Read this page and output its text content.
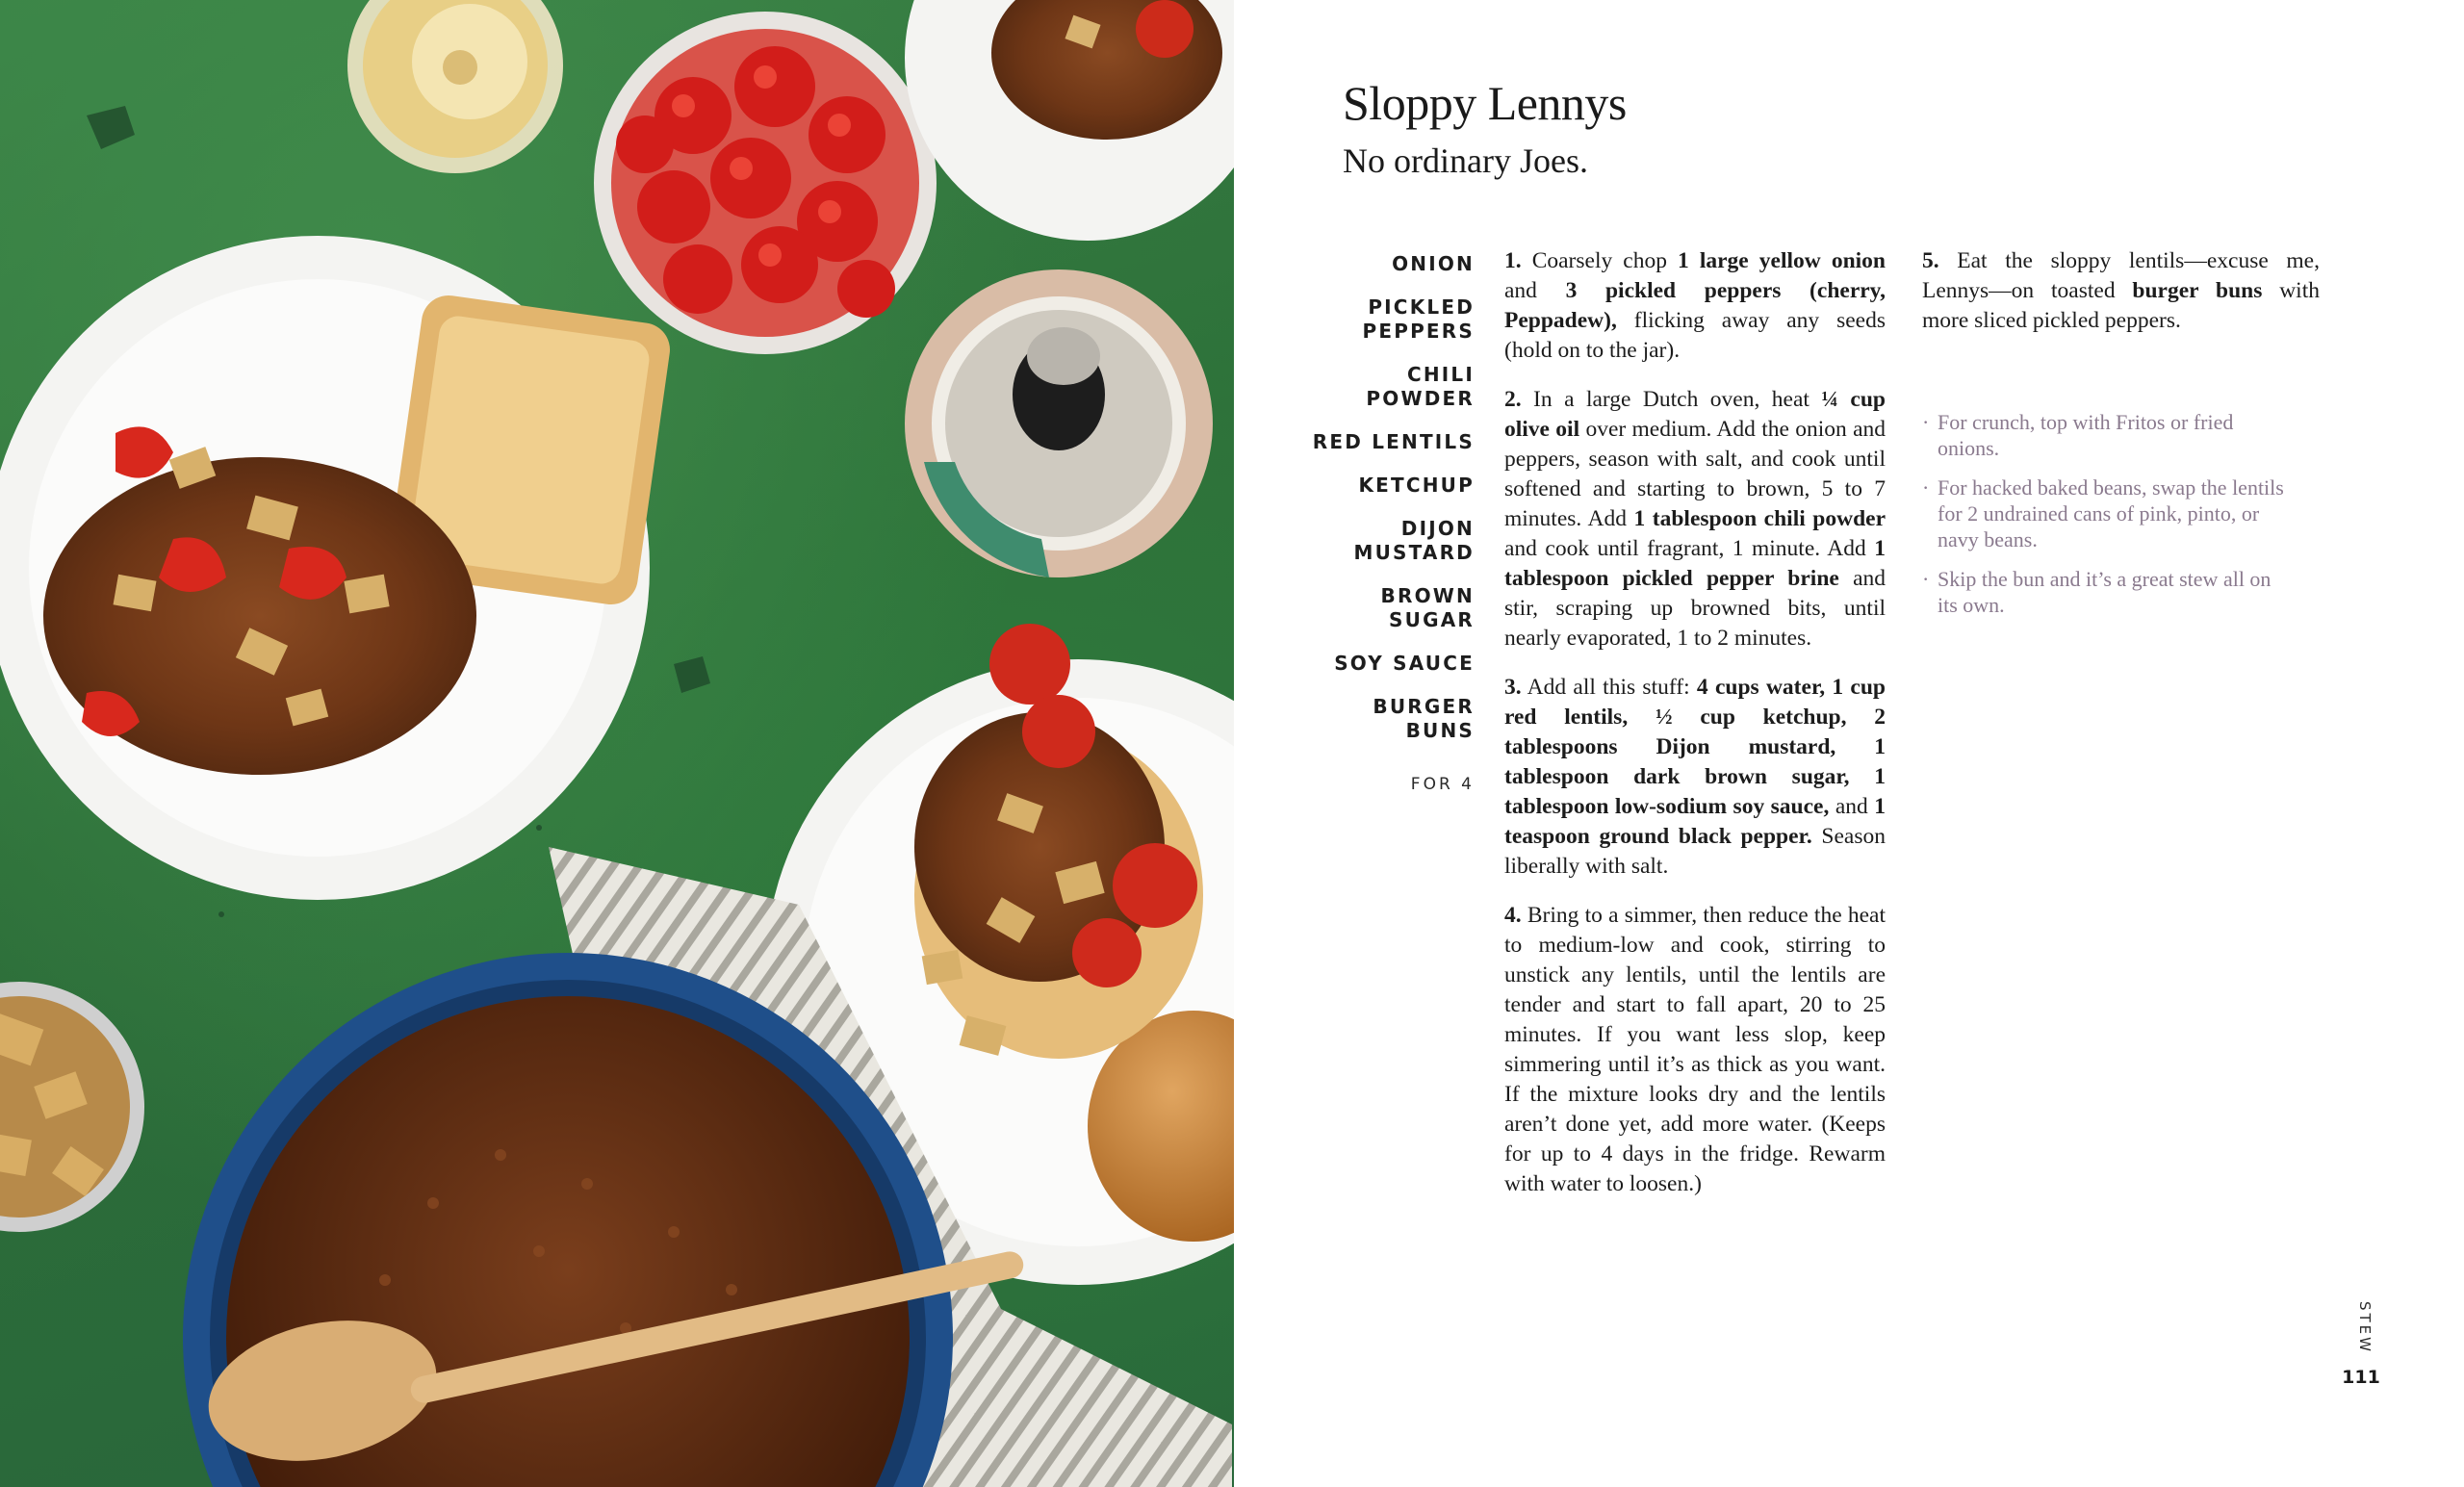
Sloppy Lennys

No ordinary Joes.

ONION
PICKLED PEPPERS
CHILI POWDER
RED LENTILS
KETCHUP
DIJON MUSTARD
BROWN SUGAR
SOY SAUCE
BURGER BUNS
FOR 4

1. Coarsely chop 1 large yellow onion and 3 pickled peppers (cherry, Peppadew), flicking away any seeds (hold on to the jar).

2. In a large Dutch oven, heat ¼ cup olive oil over medium. Add the onion and peppers, season with salt, and cook until softened and starting to brown, 5 to 7 minutes. Add 1 tablespoon chili powder and cook until fragrant, 1 minute. Add 1 tablespoon pickled pepper brine and stir, scraping up browned bits, until nearly evaporated, 1 to 2 minutes.

3. Add all this stuff: 4 cups water, 1 cup red lentils, ½ cup ketchup, 2 tablespoons Dijon mustard, 1 tablespoon dark brown sugar, 1 tablespoon low-sodium soy sauce, and 1 teaspoon ground black pepper. Season liberally with salt.

4. Bring to a simmer, then reduce the heat to medium-low and cook, stirring to unstick any lentils, until the lentils are tender and start to fall apart, 20 to 25 minutes. If you want less slop, keep simmering until it’s as thick as you want. If the mixture looks dry and the lentils aren’t done yet, add more water. (Keeps for up to 4 days in the fridge. Rewarm with water to loosen.)

5. Eat the sloppy lentils—excuse me, Lennys—on toasted burger buns with more sliced pickled peppers.

· For crunch, top with Fritos or fried onions.
· For hacked baked beans, swap the lentils for 2 undrained cans of pink, pinto, or navy beans.
· Skip the bun and it’s a great stew all on its own.
STEW
111
